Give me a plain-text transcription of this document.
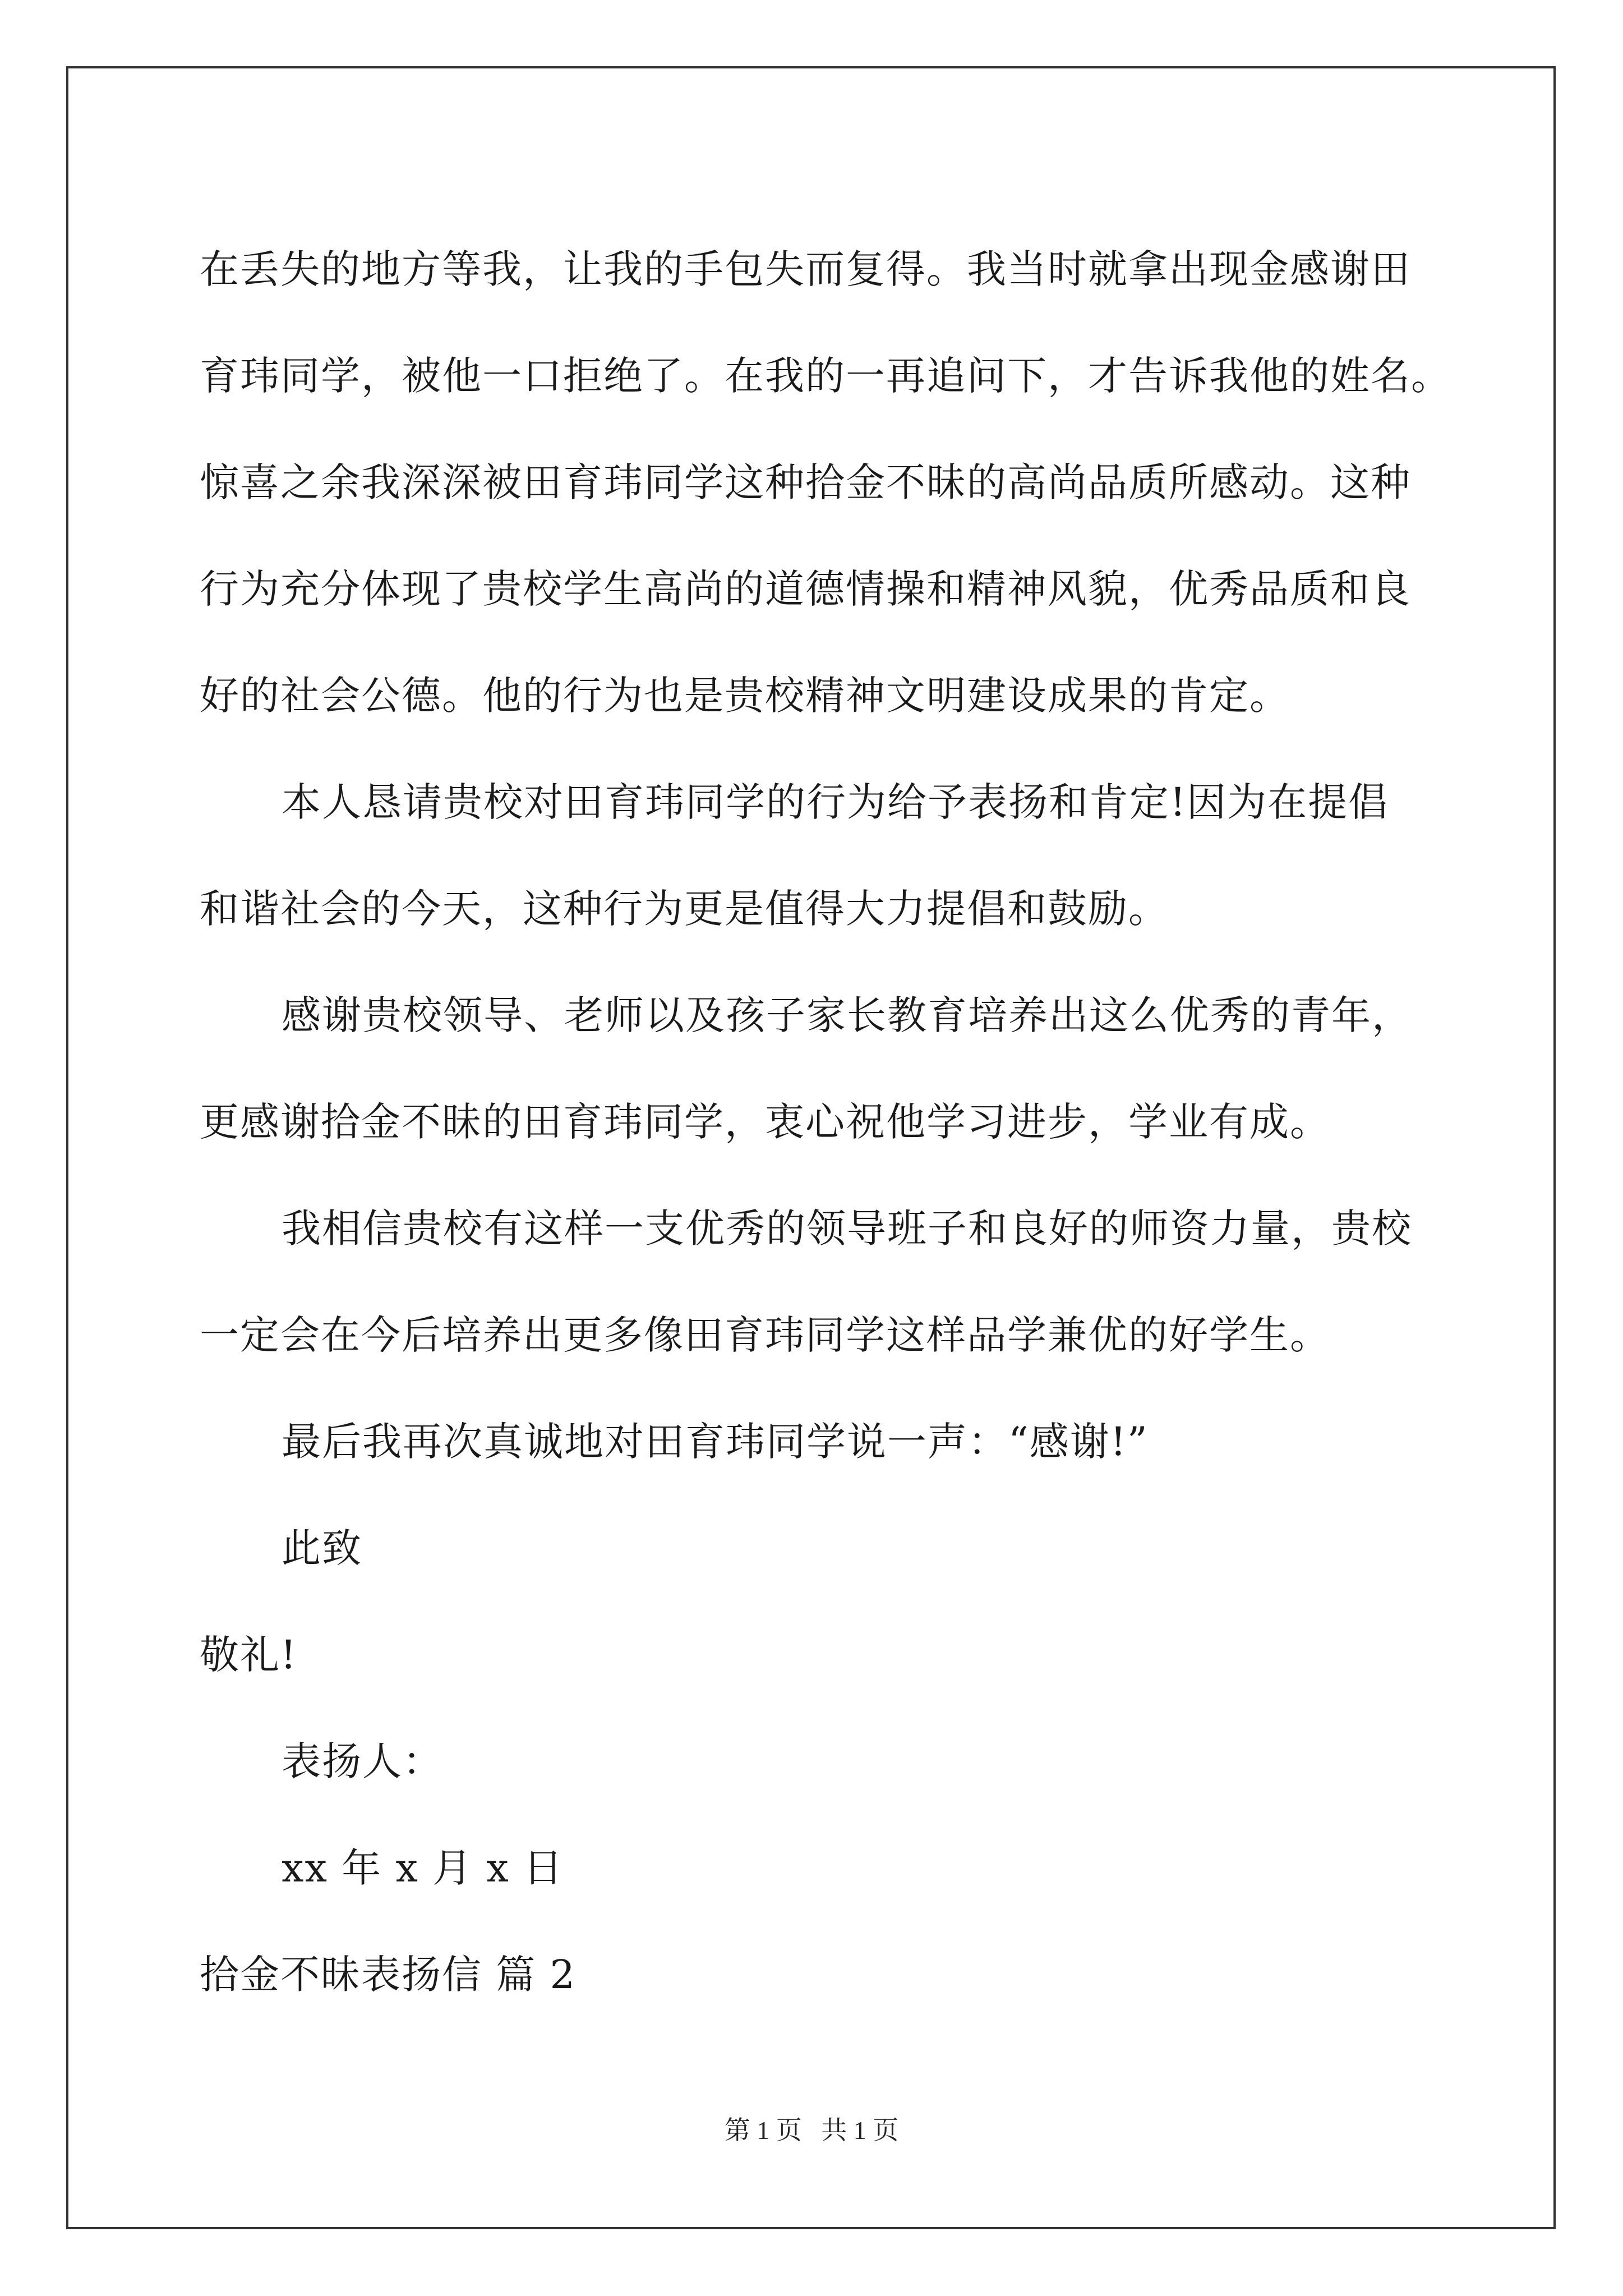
在丢失的地方等我，让我的手包失而复得。我当时就拿出现金感谢田
育玮同学，被他一口拒绝了。在我的一再追问下，才告诉我他的姓名。
惊喜之余我深深被田育玮同学这种拾金不昧的高尚品质所感动。这种
行为充分体现了贵校学生高尚的道德情操和精神风貌，优秀品质和良
好的社会公德。他的行为也是贵校精神文明建设成果的肯定。
本人恳请贵校对田育玮同学的行为给予表扬和肯定!因为在提倡
和谐社会的今天，这种行为更是值得大力提倡和鼓励。
感谢贵校领导、老师以及孩子家长教育培养出这么优秀的青年，
更感谢拾金不昧的田育玮同学，衷心祝他学习进步，学业有成。
我相信贵校有这样一支优秀的领导班子和良好的师资力量，贵校
一定会在今后培养出更多像田育玮同学这样品学兼优的好学生。
最后我再次真诚地对田育玮同学说一声：“感谢!”
此致
敬礼!
表扬人：
xx 年 x 月 x 日
拾金不昧表扬信 篇 2
第 1 页   共 1 页
